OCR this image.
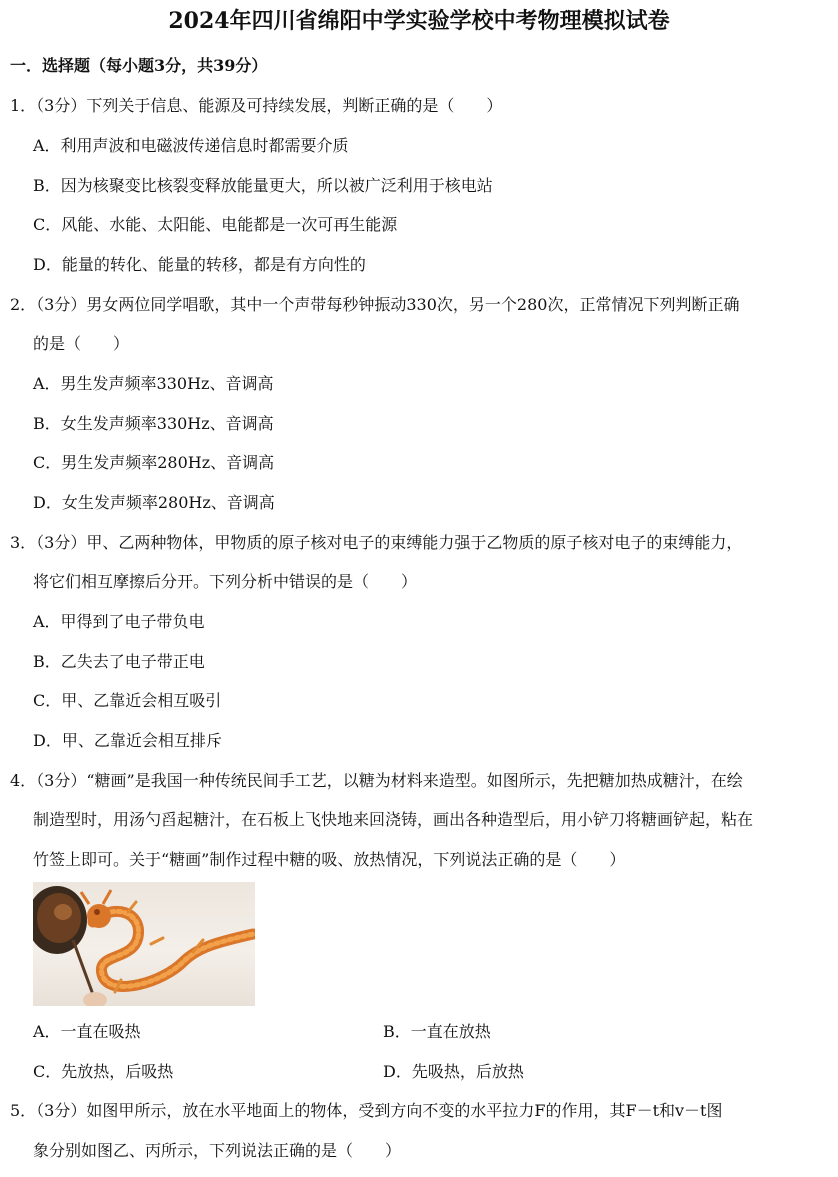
2024年四川省绵阳中学实验学校中考物理模拟试卷
一．选择题（每小题3分，共39分）
1．（3分）下列关于信息、能源及可持续发展，判断正确的是（　　）
A．利用声波和电磁波传递信息时都需要介质
B．因为核聚变比核裂变释放能量更大，所以被广泛利用于核电站
C．风能、水能、太阳能、电能都是一次可再生能源
D．能量的转化、能量的转移，都是有方向性的
2．（3分）男女两位同学唱歌，其中一个声带每秒钟振动330次，另一个280次，正常情况下列判断正确
的是（　　）
A．男生发声频率330Hz、音调高
B．女生发声频率330Hz、音调高
C．男生发声频率280Hz、音调高
D．女生发声频率280Hz、音调高
3．（3分）甲、乙两种物体，甲物质的原子核对电子的束缚能力强于乙物质的原子核对电子的束缚能力，
将它们相互摩擦后分开。下列分析中错误的是（　　）
A．甲得到了电子带负电
B．乙失去了电子带正电
C．甲、乙靠近会相互吸引
D．甲、乙靠近会相互排斥
4．（3分）“糖画”是我国一种传统民间手工艺，以糖为材料来造型。如图所示，先把糖加热成糖汁，在绘
制造型时，用汤勺舀起糖汁，在石板上飞快地来回浇铸，画出各种造型后，用小铲刀将糖画铲起，粘在
竹签上即可。关于“糖画”制作过程中糖的吸、放热情况，下列说法正确的是（　　）
A．一直在吸热	B．一直在放热
C．先放热，后吸热	D．先吸热，后放热
5．（3分）如图甲所示，放在水平地面上的物体，受到方向不变的水平拉力F的作用，其F－t和v－t图
象分别如图乙、丙所示，下列说法正确的是（　　）
